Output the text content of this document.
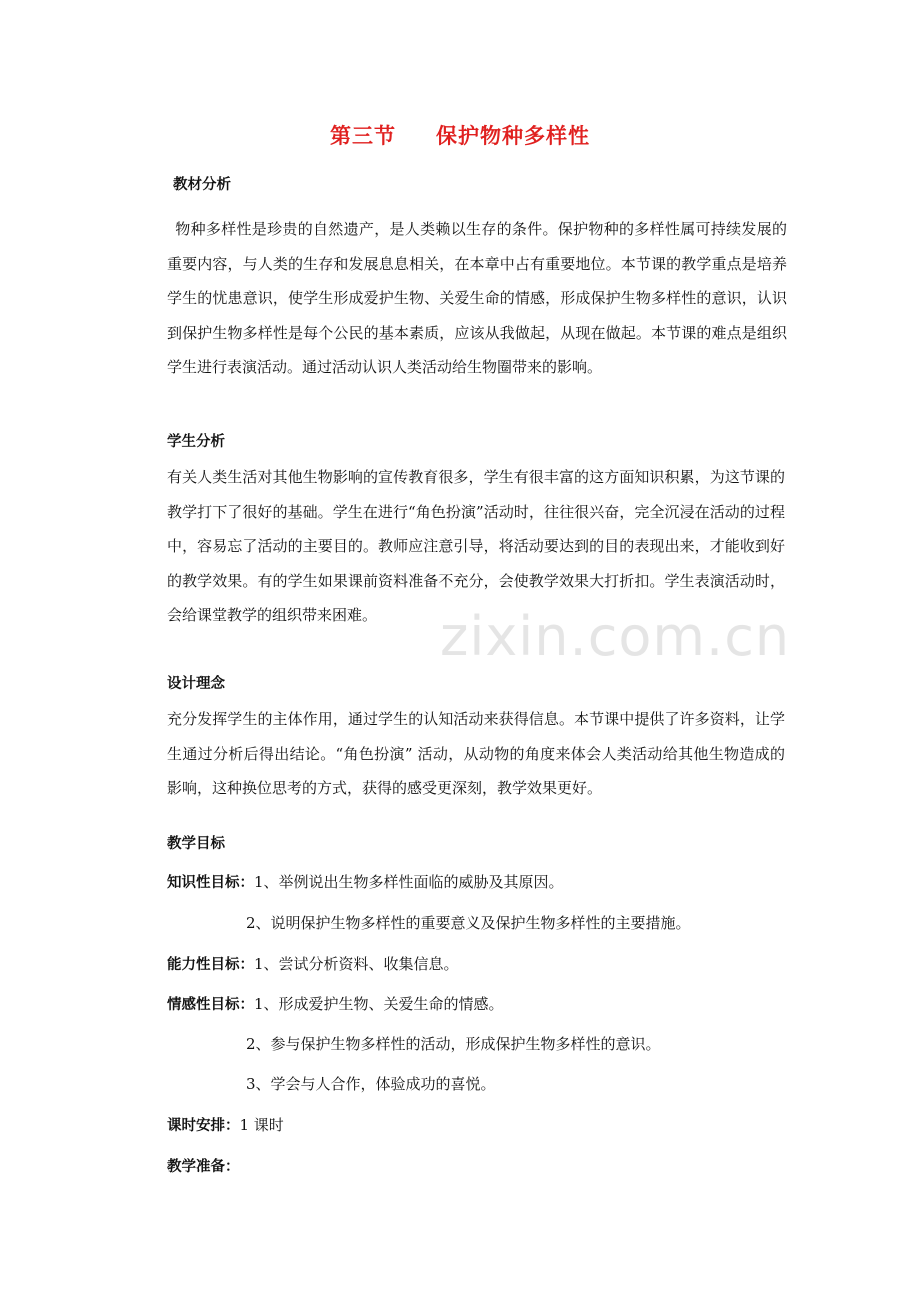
第三节 保护物种多样性
教材分析
物种多样性是珍贵的自然遗产，是人类赖以生存的条件。保护物种的多样性属可持续发展的重要内容，与人类的生存和发展息息相关，在本章中占有重要地位。本节课的教学重点是培养学生的忧患意识，使学生形成爱护生物、关爱生命的情感，形成保护生物多样性的意识，认识到保护生物多样性是每个公民的基本素质，应该从我做起，从现在做起。本节课的难点是组织学生进行表演活动。通过活动认识人类活动给生物圈带来的影响。
学生分析
有关人类生活对其他生物影响的宣传教育很多，学生有很丰富的这方面知识积累，为这节课的教学打下了很好的基础。学生在进行“角色扮演”活动时，往往很兴奋，完全沉浸在活动的过程中，容易忘了活动的主要目的。教师应注意引导，将活动要达到的目的表现出来，才能收到好的教学效果。有的学生如果课前资料准备不充分，会使教学效果大打折扣。学生表演活动时，会给课堂教学的组织带来困难。
设计理念
充分发挥学生的主体作用，通过学生的认知活动来获得信息。本节课中提供了许多资料，让学生通过分析后得出结论。“角色扮演” 活动，从动物的角度来体会人类活动给其他生物造成的影响，这种换位思考的方式，获得的感受更深刻，教学效果更好。
教学目标
知识性目标：1、举例说出生物多样性面临的威胁及其原因。
2、说明保护生物多样性的重要意义及保护生物多样性的主要措施。
能力性目标：1、尝试分析资料、收集信息。
情感性目标：1、形成爱护生物、关爱生命的情感。
2、参与保护生物多样性的活动，形成保护生物多样性的意识。
3、学会与人合作，体验成功的喜悦。
课时安排：1 课时
教学准备：
zixin.com.cn
